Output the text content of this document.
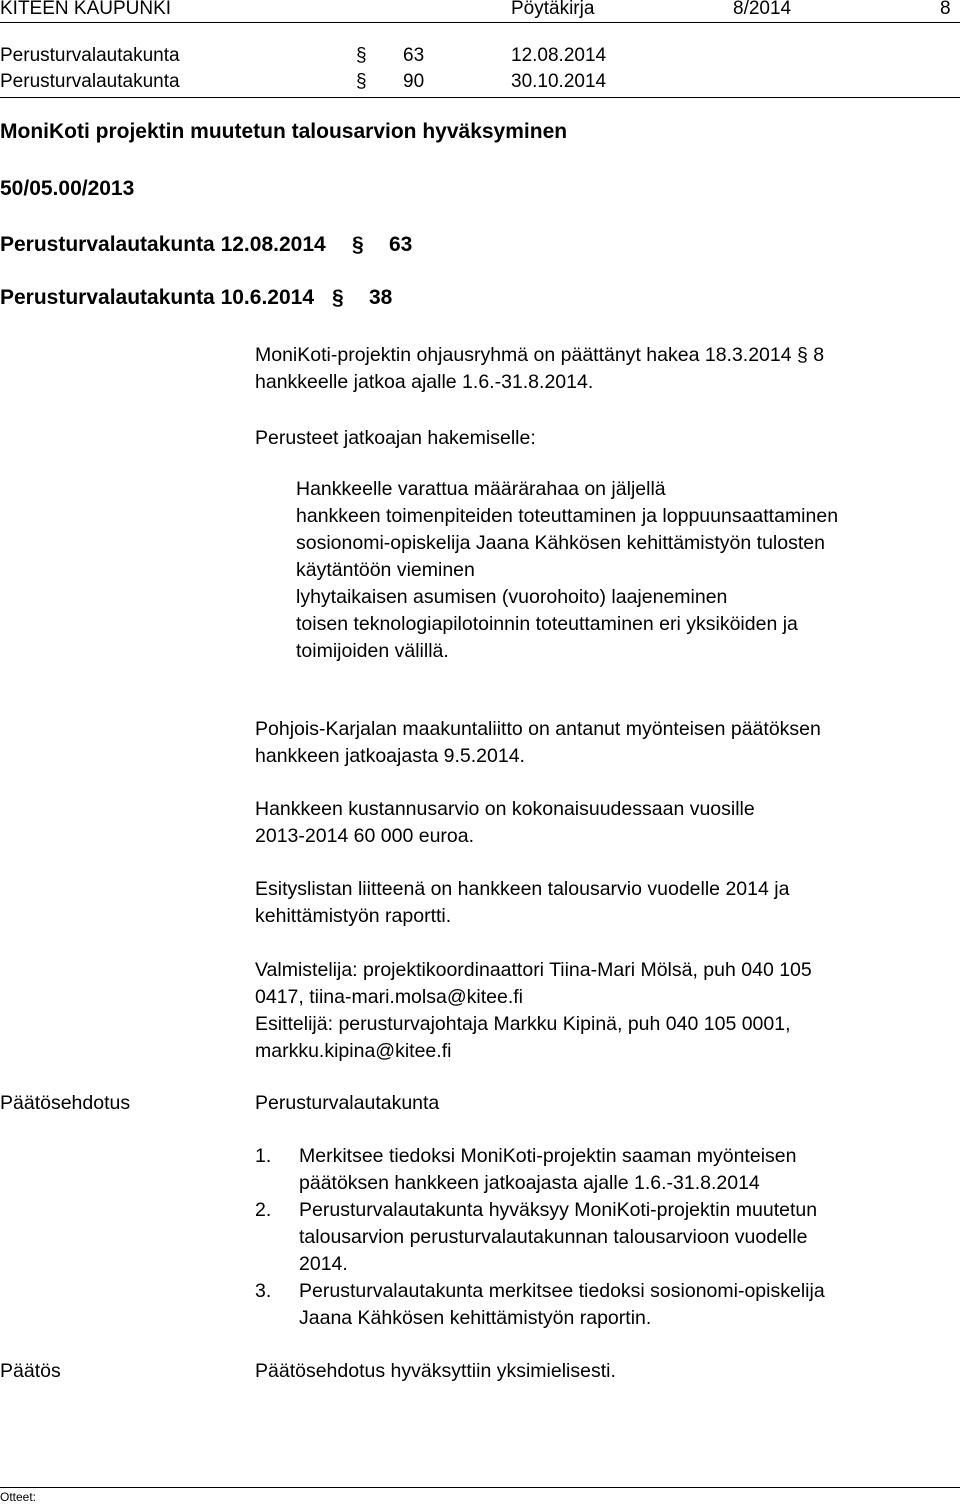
KITEEN KAUPUNKI	Pöytäkirja	8/2014	8
Perusturvalautakunta	§ 63	12.08.2014
Perusturvalautakunta	§ 90	30.10.2014
MoniKoti projektin muutetun talousarvion hyväksyminen
50/05.00/2013
Perusturvalautakunta 12.08.2014 § 63
Perusturvalautakunta 10.6.2014 § 38
MoniKoti-projektin ohjausryhmä on päättänyt hakea 18.3.2014 § 8
hankkeelle jatkoa ajalle 1.6.-31.8.2014.
Perusteet jatkoajan hakemiselle:
Hankkeelle varattua määrärahaa on jäljellä
hankkeen toimenpiteiden toteuttaminen ja loppuunsaattaminen
sosionomi-opiskelija Jaana Kähkösen kehittämistyön tulosten
käytäntöön vieminen
lyhytaikaisen asumisen (vuorohoito) laajeneminen
toisen teknologiapilotoinnin toteuttaminen eri yksiköiden ja
toimijoiden välillä.
Pohjois-Karjalan maakuntaliitto on antanut myönteisen päätöksen
hankkeen jatkoajasta 9.5.2014.
Hankkeen kustannusarvio on kokonaisuudessaan vuosille
2013-2014 60 000 euroa.
Esityslistan liitteenä on hankkeen talousarvio vuodelle 2014 ja
kehittämistyön raportti.
Valmistelija: projektikoordinaattori Tiina-Mari Mölsä, puh 040 105
0417, tiina-mari.molsa@kitee.fi
Esittelijä: perusturvajohtaja Markku Kipinä, puh 040 105 0001,
markku.kipina@kitee.fi
Päätösehdotus	Perusturvalautakunta
1. Merkitsee tiedoksi MoniKoti-projektin saaman myönteisen
päätöksen hankkeen jatkoajasta ajalle 1.6.-31.8.2014
2. Perusturvalautakunta hyväksyy MoniKoti-projektin muutetun
talousarvion perusturvalautakunnan talousarvioon vuodelle
2014.
3. Perusturvalautakunta merkitsee tiedoksi sosionomi-opiskelija
Jaana Kähkösen kehittämistyön raportin.
Päätös	Päätösehdotus hyväksyttiin yksimielisesti.
Otteet:
